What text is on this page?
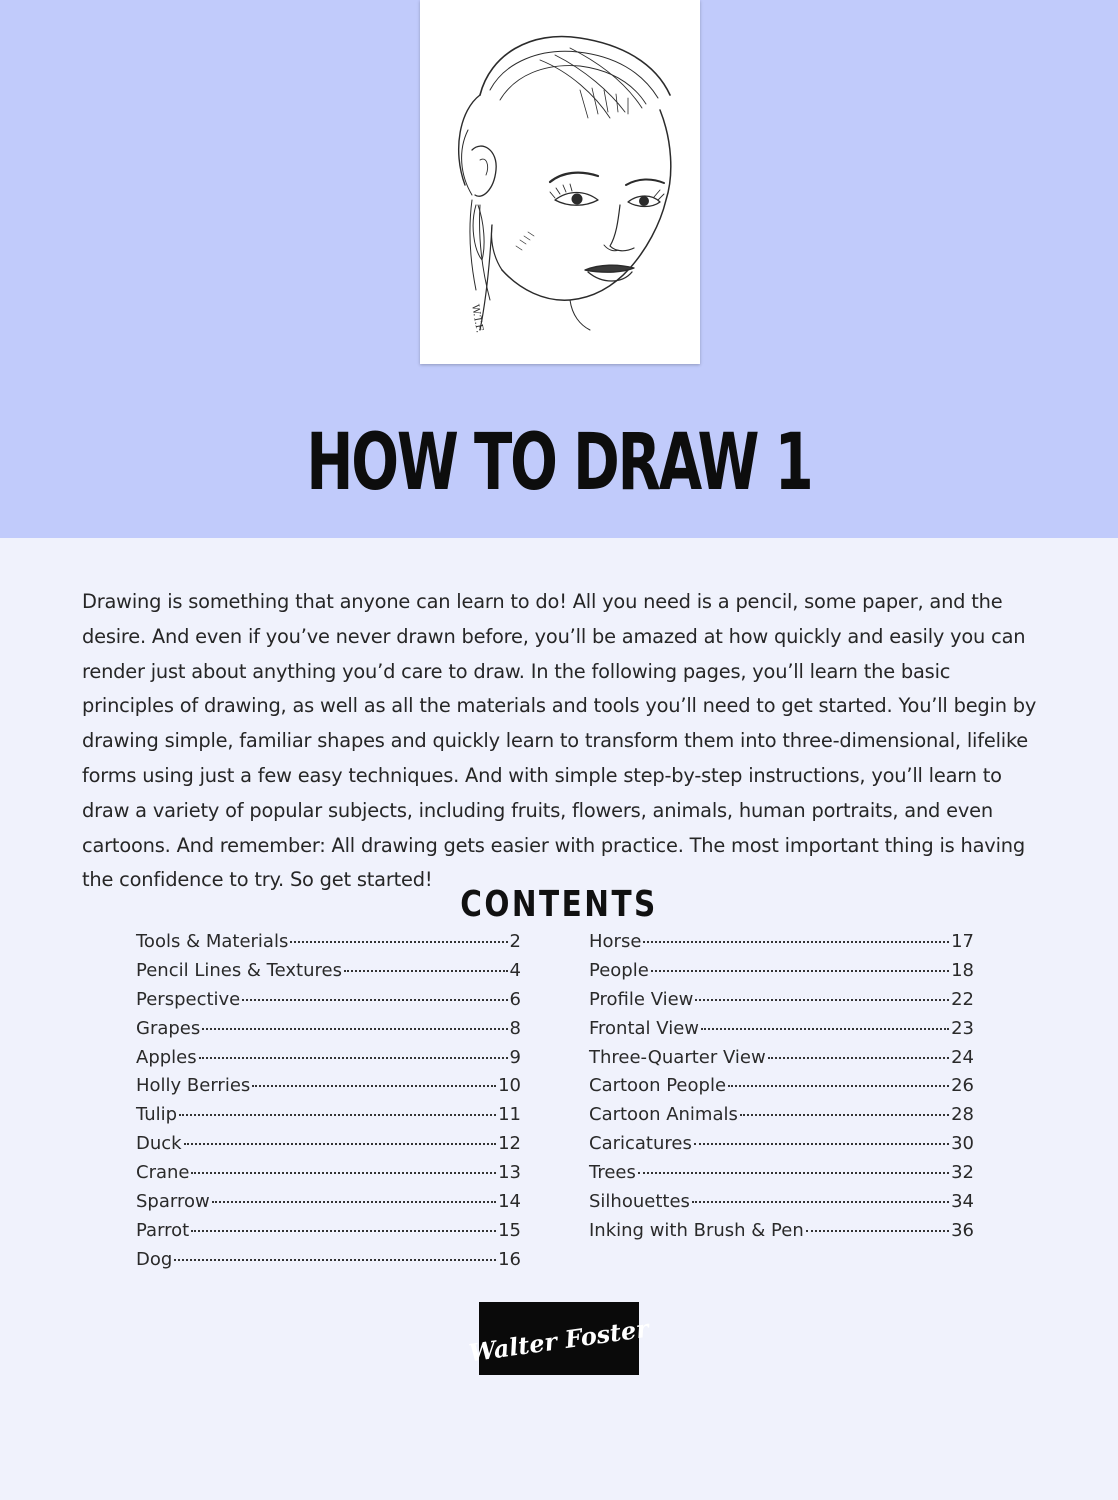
W.T.F.
HOW TO DRAW 1

Drawing is something that anyone can learn to do! All you need is a pencil, some paper, and the desire. And even if you’ve never drawn before, you’ll be amazed at how quickly and easily you can render just about anything you’d care to draw. In the following pages, you’ll learn the basic principles of drawing, as well as all the materials and tools you’ll need to get started. You’ll begin by drawing simple, familiar shapes and quickly learn to transform them into three-dimensional, lifelike forms using just a few easy techniques. And with simple step-by-step instructions, you’ll learn to draw a variety of popular subjects, including fruits, flowers, animals, human portraits, and even cartoons. And remember: All drawing gets easier with practice. The most important thing is having the confidence to try. So get started!

CONTENTS
Tools & Materials	2
Pencil Lines & Textures	4
Perspective	6
Grapes	8
Apples	9
Holly Berries	10
Tulip	11
Duck	12
Crane	13
Sparrow	14
Parrot	15
Dog	16
Horse	17
People	18
Profile View	22
Frontal View	23
Three-Quarter View	24
Cartoon People	26
Cartoon Animals	28
Caricatures	30
Trees	32
Silhouettes	34
Inking with Brush & Pen	36
Walter Foster
